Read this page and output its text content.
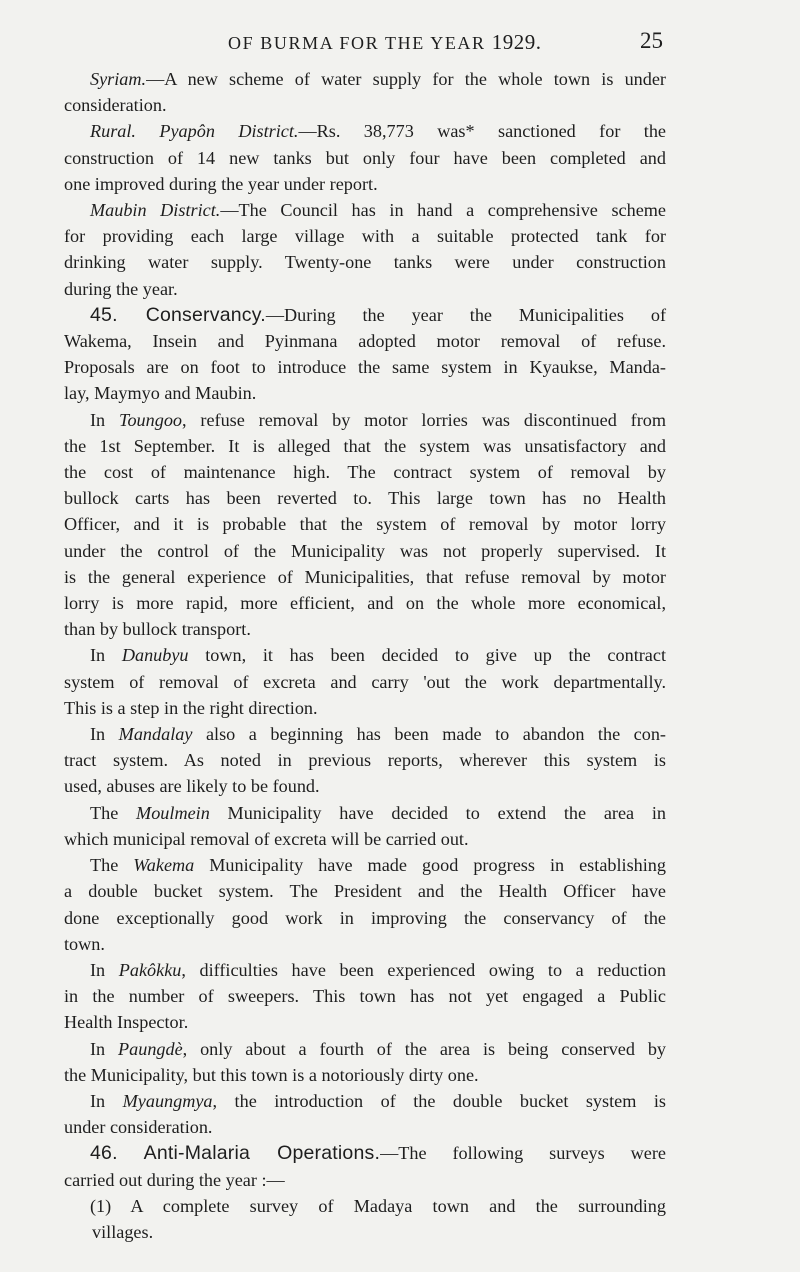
OF BURMA FOR THE YEAR 1929.	25
Syriam.—A new scheme of water supply for the whole town is under
consideration.
Rural. Pyapôn District.—Rs. 38,773 was* sanctioned for the
construction of 14 new tanks but only four have been completed and
one improved during the year under report.
Maubin District.—The Council has in hand a comprehensive scheme
for providing each large village with a suitable protected tank for
drinking water supply. Twenty-one tanks were under construction
during the year.
45. Conservancy.—During the year the Municipalities of
Wakema, Insein and Pyinmana adopted motor removal of refuse.
Proposals are on foot to introduce the same system in Kyaukse, Manda-
lay, Maymyo and Maubin.
In Toungoo, refuse removal by motor lorries was discontinued from
the 1st September. It is alleged that the system was unsatisfactory and
the cost of maintenance high. The contract system of removal by
bullock carts has been reverted to. This large town has no Health
Officer, and it is probable that the system of removal by motor lorry
under the control of the Municipality was not properly supervised. It
is the general experience of Municipalities, that refuse removal by motor
lorry is more rapid, more efficient, and on the whole more economical,
than by bullock transport.
In Danubyu town, it has been decided to give up the contract
system of removal of excreta and carry 'out the work departmentally.
This is a step in the right direction.
In Mandalay also a beginning has been made to abandon the con-
tract system. As noted in previous reports, wherever this system is
used, abuses are likely to be found.
The Moulmein Municipality have decided to extend the area in
which municipal removal of excreta will be carried out.
The Wakema Municipality have made good progress in establishing
a double bucket system. The President and the Health Officer have
done exceptionally good work in improving the conservancy of the
town.
In Pakôkku, difficulties have been experienced owing to a reduction
in the number of sweepers. This town has not yet engaged a Public
Health Inspector.
In Paungdè, only about a fourth of the area is being conserved by
the Municipality, but this town is a notoriously dirty one.
In Myaungmya, the introduction of the double bucket system is
under consideration.
46. Anti-Malaria Operations.—The following surveys were
carried out during the year :—
(1) A complete survey of Madaya town and the surrounding
villages.
